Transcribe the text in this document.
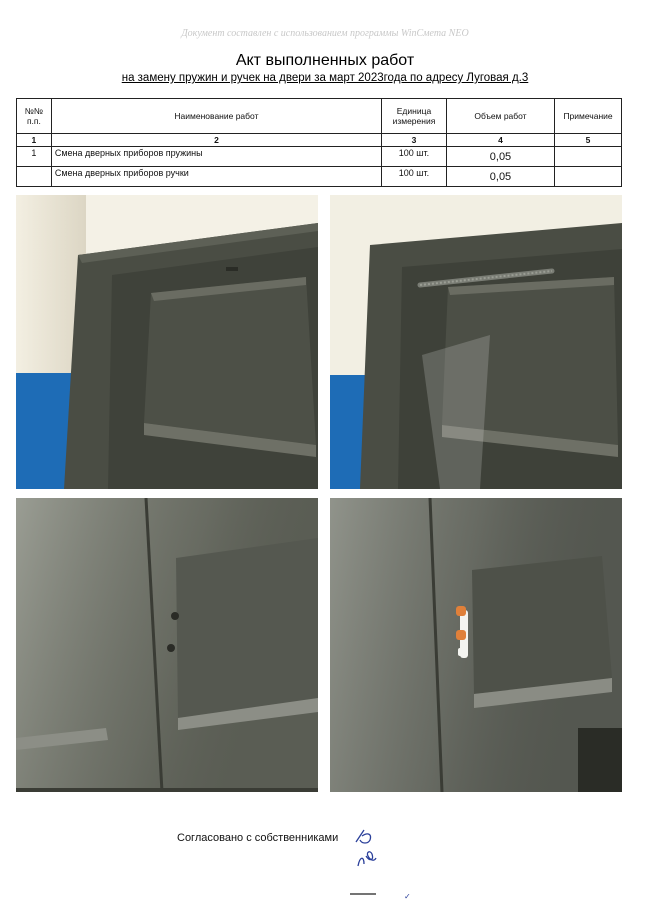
Документ составлен с использованием программы WinСмета NEO
Акт выполненных работ
на замену пружин и ручек на двери за март 2023года по адресу Луговая д.3
№№ п.п.	Наименование работ	Единица измерения	Объем работ	Примечание
1	2	3	4	5
1	Смена дверных приборов пружины	100 шт.	0,05	
	Смена дверных приборов ручки	100 шт.	0,05	
Согласовано с собственниками
✓
